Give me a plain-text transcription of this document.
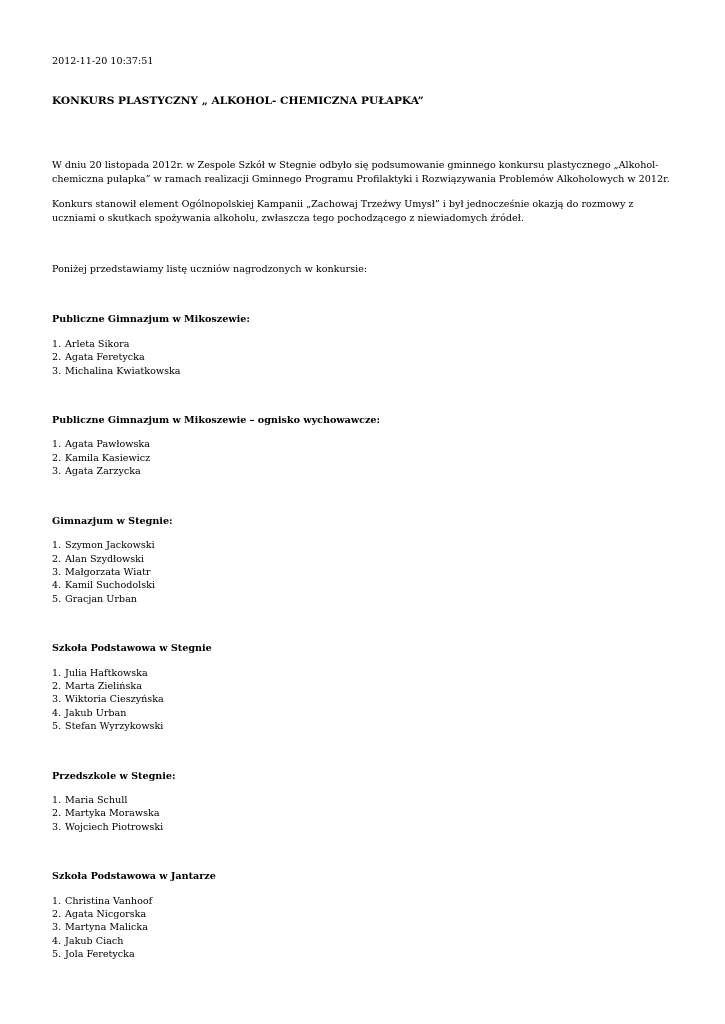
2012-11-20 10:37:51

KONKURS PLASTYCZNY „ ALKOHOL- CHEMICZNA PUŁAPKA”

W dniu 20 listopada 2012r. w Zespole Szkół w Stegnie odbyło się podsumowanie gminnego konkursu plastycznego „Alkohol-chemiczna pułapka” w ramach realizacji Gminnego Programu Profilaktyki i Rozwiązywania Problemów Alkoholowych w 2012r.

Konkurs stanowił element Ogólnopolskiej Kampanii „Zachowaj Trzeźwy Umysł” i był jednocześnie okazją do rozmowy z uczniami o skutkach spożywania alkoholu, zwłaszcza tego pochodzącego z niewiadomych źródeł.

Poniżej przedstawiamy listę uczniów nagrodzonych w konkursie:

Publiczne Gimnazjum w Mikoszewie:

1. Arleta Sikora
2. Agata Feretycka
3. Michalina Kwiatkowska

Publiczne Gimnazjum w Mikoszewie – ognisko wychowawcze:

1. Agata Pawłowska
2. Kamila Kasiewicz
3. Agata Zarzycka

Gimnazjum w Stegnie:

1. Szymon Jackowski
2. Alan Szydłowski
3. Małgorzata Wiatr
4. Kamil Suchodolski
5. Gracjan Urban

Szkoła Podstawowa w Stegnie

1. Julia Haftkowska
2. Marta Zielińska
3. Wiktoria Cieszyńska
4. Jakub Urban
5. Stefan Wyrzykowski

Przedszkole w Stegnie:

1. Maria Schull
2. Martyka Morawska
3. Wojciech Piotrowski

Szkoła Podstawowa w Jantarze

1. Christina Vanhoof
2. Agata Nicgorska
3. Martyna Malicka
4. Jakub Ciach
5. Jola Feretycka
